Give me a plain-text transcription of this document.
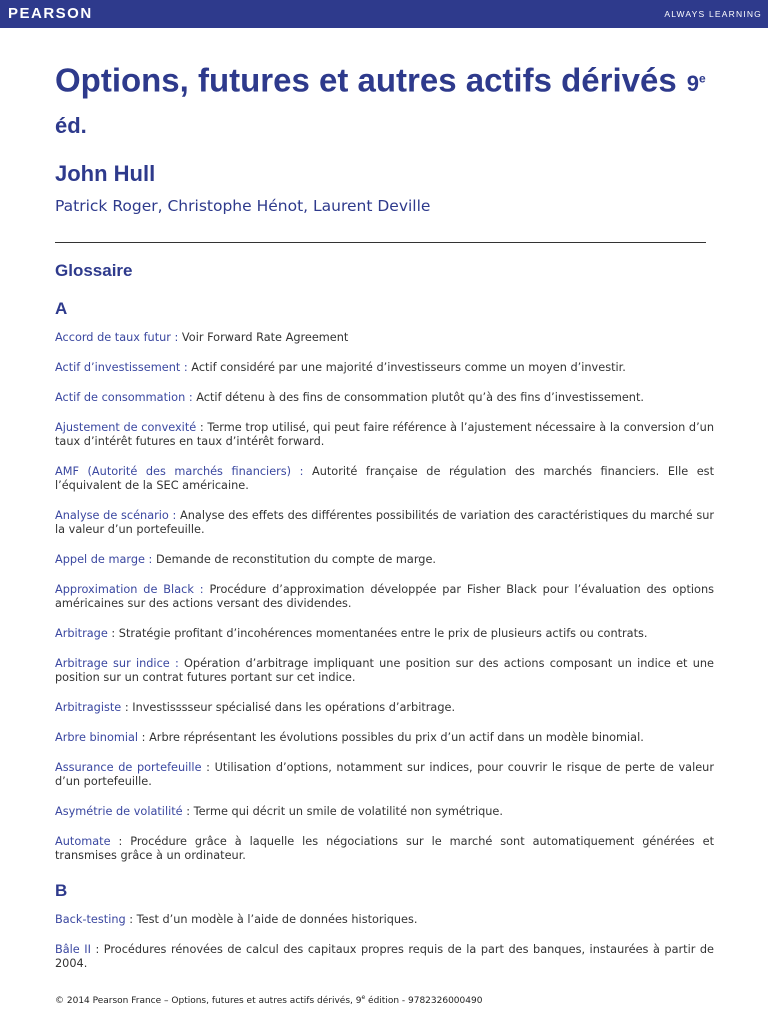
PEARSON	ALWAYS LEARNING
Options, futures et autres actifs dérivés 9e éd.
John Hull
Patrick Roger, Christophe Hénot, Laurent Deville
Glossaire
A

Accord de taux futur : Voir Forward Rate Agreement

Actif d’investissement : Actif considéré par une majorité d’investisseurs comme un moyen d’investir.

Actif de consommation : Actif détenu à des fins de consommation plutôt qu’à des fins d’investissement.

Ajustement de convexité : Terme trop utilisé, qui peut faire référence à l’ajustement nécessaire à la conversion d’un taux d’intérêt futures en taux d’intérêt forward.

AMF (Autorité des marchés financiers) : Autorité française de régulation des marchés financiers. Elle est l’équivalent de la SEC américaine.

Analyse de scénario : Analyse des effets des différentes possibilités de variation des caractéristiques du marché sur la valeur d’un portefeuille.

Appel de marge : Demande de reconstitution du compte de marge.

Approximation de Black : Procédure d’approximation développée par Fisher Black pour l’évaluation des options américaines sur des actions versant des dividendes.

Arbitrage : Stratégie profitant d’incohérences momentanées entre le prix de plusieurs actifs ou contrats.

Arbitrage sur indice : Opération d’arbitrage impliquant une position sur des actions composant un indice et une position sur un contrat futures portant sur cet indice.

Arbitragiste : Investisssseur spécialisé dans les opérations d’arbitrage.

Arbre binomial : Arbre réprésentant les évolutions possibles du prix d’un actif dans un modèle binomial.

Assurance de portefeuille : Utilisation d’options, notamment sur indices, pour couvrir le risque de perte de valeur d’un portefeuille.

Asymétrie de volatilité : Terme qui décrit un smile de volatilité non symétrique.

Automate : Procédure grâce à laquelle les négociations sur le marché sont automatiquement générées et transmises grâce à un ordinateur.

B

Back-testing : Test d’un modèle à l’aide de données historiques.

Bâle II : Procédures rénovées de calcul des capitaux propres requis de la part des banques, instaurées à partir de 2004.

© 2014 Pearson France – Options, futures et autres actifs dérivés, 9e édition - 9782326000490
